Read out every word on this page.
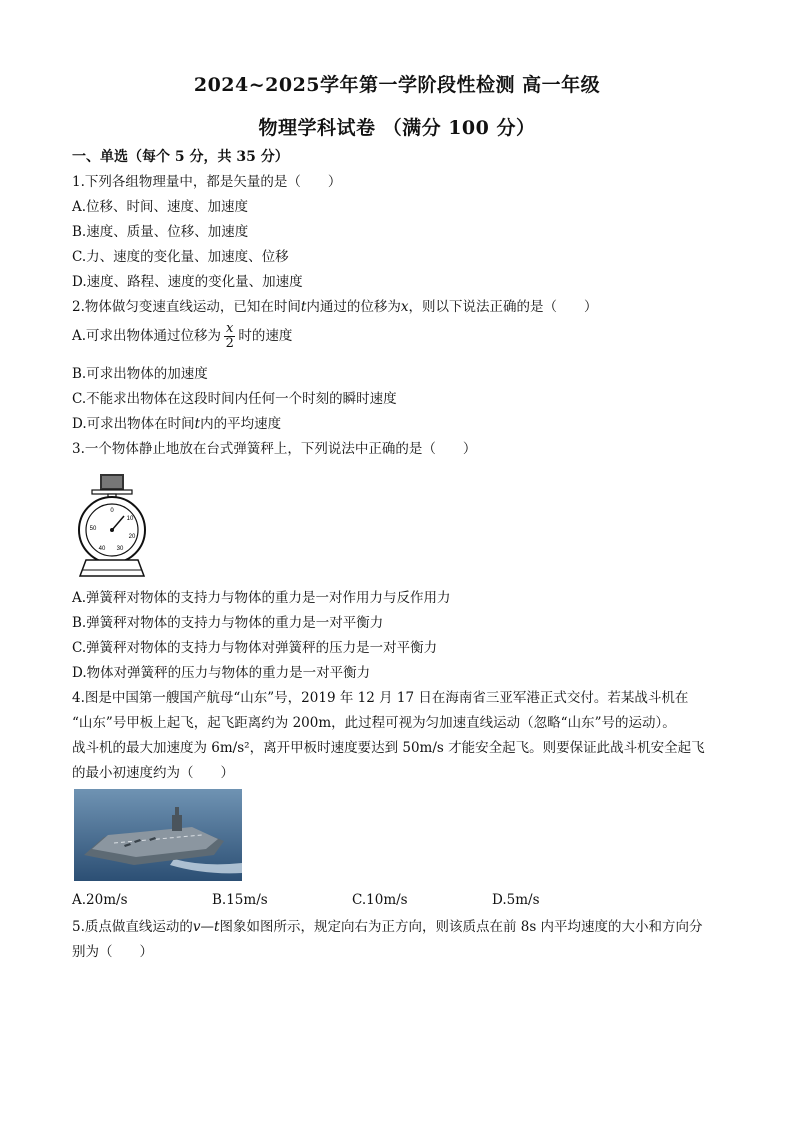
2024~2025学年第一学阶段性检测 高一年级
物理学科试卷 （满分 100 分）
一、单选（每个 5 分，共 35 分）
1.下列各组物理量中，都是矢量的是（　　）
A.位移、时间、速度、加速度
B.速度、质量、位移、加速度
C.力、速度的变化量、加速度、位移
D.速度、路程、速度的变化量、加速度
2.物体做匀变速直线运动，已知在时间t内通过的位移为x，则以下说法正确的是（　　）
A.可求出物体通过位移为 $\frac{x}{2}$ 时的速度
B.可求出物体的加速度
C.不能求出物体在这段时间内任何一个时刻的瞬时速度
D.可求出物体在时间t内的平均速度
3.一个物体静止地放在台式弹簧秤上，下列说法中正确的是（　　）
0
10
20
30
40
50
A.弹簧秤对物体的支持力与物体的重力是一对作用力与反作用力
B.弹簧秤对物体的支持力与物体的重力是一对平衡力
C.弹簧秤对物体的支持力与物体对弹簧秤的压力是一对平衡力
D.物体对弹簧秤的压力与物体的重力是一对平衡力
4.图是中国第一艘国产航母“山东”号，2019 年 12 月 17 日在海南省三亚军港正式交付。若某战斗机在
“山东”号甲板上起飞，起飞距离约为 200m，此过程可视为匀加速直线运动（忽略“山东”号的运动）。
战斗机的最大加速度为 6m/s²，离开甲板时速度要达到 50m/s 才能安全起飞。则要保证此战斗机安全起飞
的最小初速度约为（　　）
A.20m/s	B.15m/s	C.10m/s	D.5m/s
5.质点做直线运动的v—t图象如图所示，规定向右为正方向，则该质点在前 8s 内平均速度的大小和方向分
别为（　　）
